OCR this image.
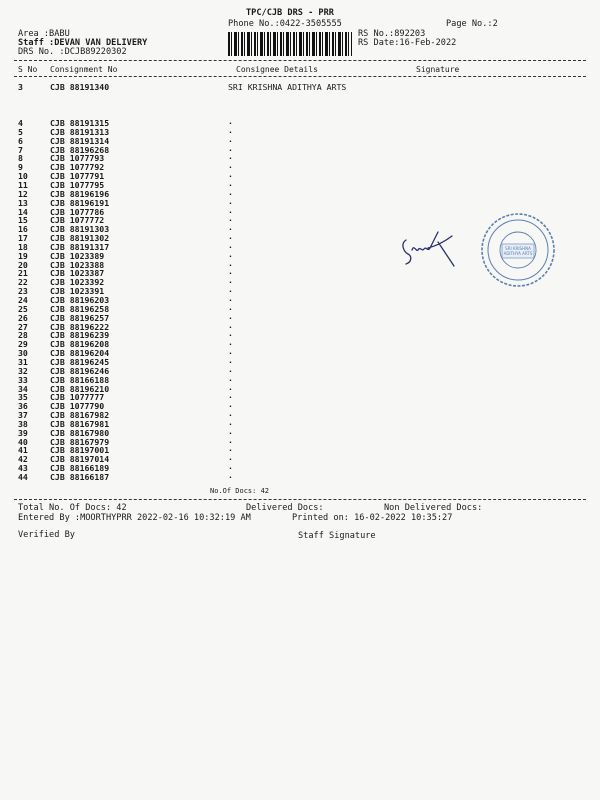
TPC/CJB DRS - PRR
Phone No.:0422-3505555
Area :BABU
Staff :DEVAN VAN DELIVERY
DRS No. :DCJB89220302
RS No.:892203
RS Date:16-Feb-2022
Page No.:2
S No Consignment No	Consignee Details	Signature
3	CJB 88191340	SRI KRISHNA ADITHYA ARTS
4	CJB 88191315	.
5	CJB 88191313	.
6	CJB 88191314	.
7	CJB 88196268	.
8	CJB 1077793	.
9	CJB 1077792	.
10	CJB 1077791	.
11	CJB 1077795	.
12	CJB 88196196	.
13	CJB 88196191	.
14	CJB 1077786	.
15	CJB 1077772	.
16	CJB 88191303	.
17	CJB 88191302	.
18	CJB 88191317	.
19	CJB 1023389	.
20	CJB 1023388	.
21	CJB 1023387	.
22	CJB 1023392	.
23	CJB 1023391	.
24	CJB 88196203	.
25	CJB 88196258	.
26	CJB 88196257	.
27	CJB 88196222	.
28	CJB 88196239	.
29	CJB 88196208	.
30	CJB 88196204	.
31	CJB 88196245	.
32	CJB 88196246	.
33	CJB 88166188	.
34	CJB 88196210	.
35	CJB 1077777	.
36	CJB 1077790	.
37	CJB 88167982	.
38	CJB 88167981	.
39	CJB 88167980	.
40	CJB 88167979	.
41	CJB 88197001	.
42	CJB 88197014	.
43	CJB 88166189	.
44	CJB 88166187	.
SRI KRISHNA
ADITHYA ARTS
No.Of Docs: 42
Total No. Of Docs: 42	Delivered Docs:	Non Delivered Docs:
Entered By :MOORTHYPRR 2022-02-16 10:32:19 AM	Printed on: 16-02-2022 10:35:27
Verified By	Staff Signature
